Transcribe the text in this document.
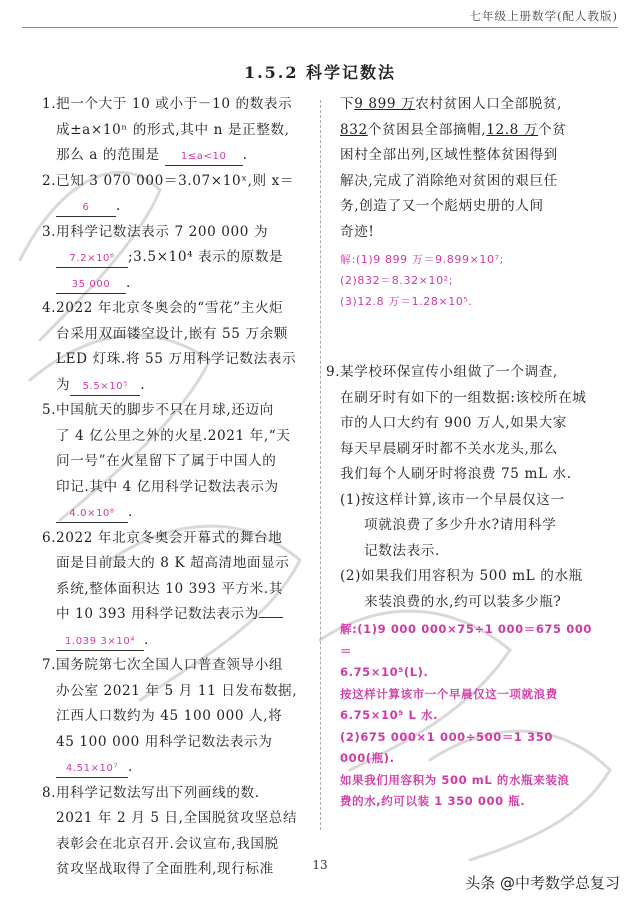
七年级上册数学(配人教版)
1.5.2 科学记数法
1. 把一个大于 10 或小于－10 的数表示
成±a×10ⁿ 的形式,其中 n 是正整数,
那么 a 的范围是 1≤a<10 .
2. 已知 3 070 000＝3.07×10ˣ,则 x＝
6 .
3. 用科学记数法表示 7 200 000 为
7.2×10⁶ ;3.5×10⁴ 表示的原数是
35 000 .
4. 2022 年北京冬奥会的“雪花”主火炬
台采用双面镂空设计,嵌有 55 万余颗
LED 灯珠.将 55 万用科学记数法表示
为 5.5×10⁵ .
5. 中国航天的脚步不只在月球,还迈向
了 4 亿公里之外的火星.2021 年,“天
问一号”在火星留下了属于中国人的
印记.其中 4 亿用科学记数法表示为
4.0×10⁸ .
6. 2022 年北京冬奥会开幕式的舞台地
面是目前最大的 8 K 超高清地面显示
系统,整体面积达 10 393 平方米.其
中 10 393 用科学记数法表示为
1.039 3×10⁴ .
7. 国务院第七次全国人口普查领导小组
办公室 2021 年 5 月 11 日发布数据,
江西人口数约为 45 100 000 人,将
45 100 000 用科学记数法表示为
4.51×10⁷ .
8. 用科学记数法写出下列画线的数.
2021 年 2 月 5 日,全国脱贫攻坚总结
表彰会在北京召开.会议宣布,我国脱
贫攻坚战取得了全面胜利,现行标准
下9 899 万农村贫困人口全部脱贫,
832个贫困县全部摘帽,12.8 万个贫
困村全部出列,区域性整体贫困得到
解决,完成了消除绝对贫困的艰巨任
务,创造了又一个彪炳史册的人间
奇迹!
解:(1)9 899 万＝9.899×10⁷;
(2)832＝8.32×10²;
(3)12.8 万＝1.28×10⁵.
9. 某学校环保宣传小组做了一个调查,
在刷牙时有如下的一组数据:该校所在城
市的人口大约有 900 万人,如果大家
每天早晨刷牙时都不关水龙头,那么
我们每个人刷牙时将浪费 75 mL 水.
(1)按这样计算,该市一个早晨仅这一
项就浪费了多少升水?请用科学
记数法表示.
(2)如果我们用容积为 500 mL 的水瓶
来装浪费的水,约可以装多少瓶?
解:(1)9 000 000×75÷1 000＝675 000＝
6.75×10⁵(L).
按这样计算该市一个早晨仅这一项就浪费
6.75×10⁵ L 水.
(2)675 000×1 000÷500＝1 350 000(瓶).
如果我们用容积为 500 mL 的水瓶来装浪
费的水,约可以装 1 350 000 瓶.
13
头条 @中考数学总复习
